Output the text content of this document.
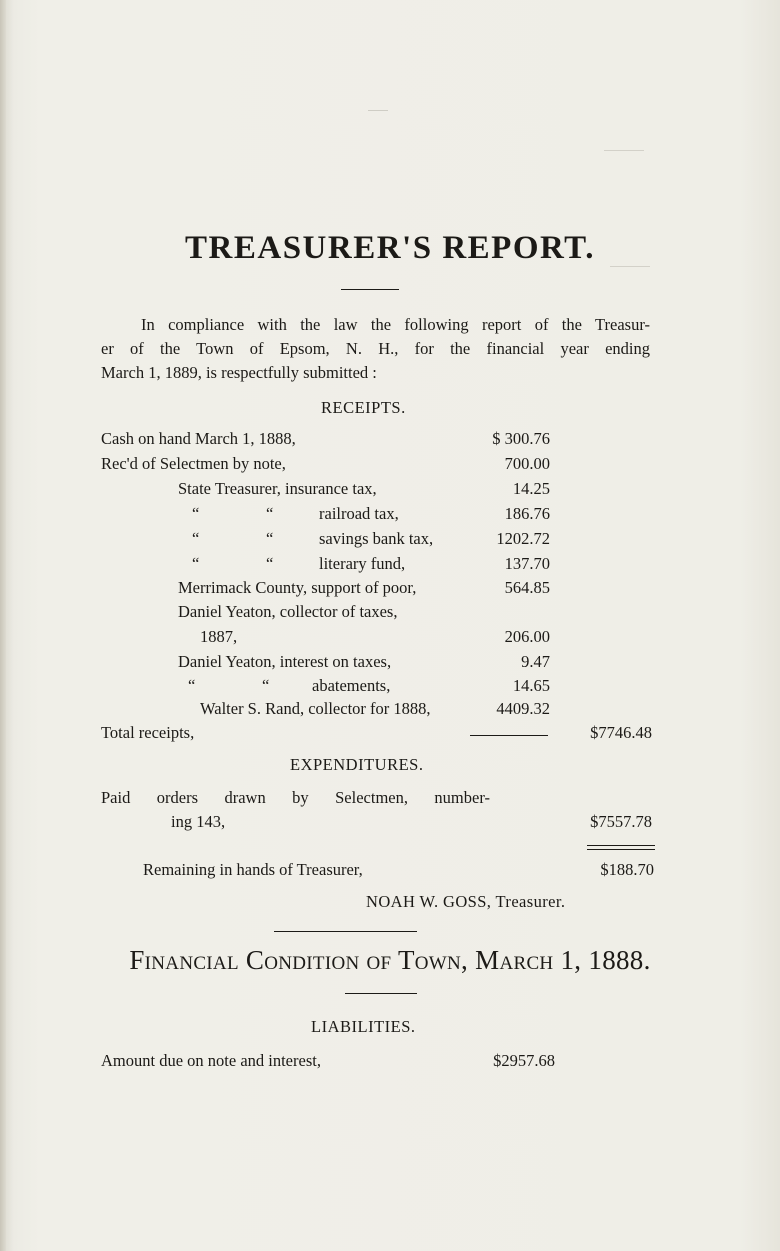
TREASURER'S REPORT.
In compliance with the law the following report of the Treasur-
er of the Town of Epsom, N. H., for the financial year ending
March 1, 1889, is respectfully submitted :
RECEIPTS.
Cash on hand March 1, 1888,	$ 300.76
Rec'd of Selectmen by note,	700.00
State Treasurer, insurance tax,	14.25
“	“	railroad tax,	186.76
“	“	savings bank tax,	1202.72
“	“	literary fund,	137.70
Merrimack County, support of poor,	564.85
Daniel Yeaton, collector of taxes,
1887,	206.00
Daniel Yeaton, interest on taxes,	9.47
“	“	abatements,	14.65
Walter S. Rand, collector for 1888,	4409.32
Total receipts,	$7746.48
EXPENDITURES.
Paid orders drawn by Selectmen, number-
ing 143,	$7557.78
Remaining in hands of Treasurer,	$188.70
NOAH W. GOSS, Treasurer.
Financial Condition of Town, March 1, 1888.
LIABILITIES.
Amount due on note and interest,	$2957.68
